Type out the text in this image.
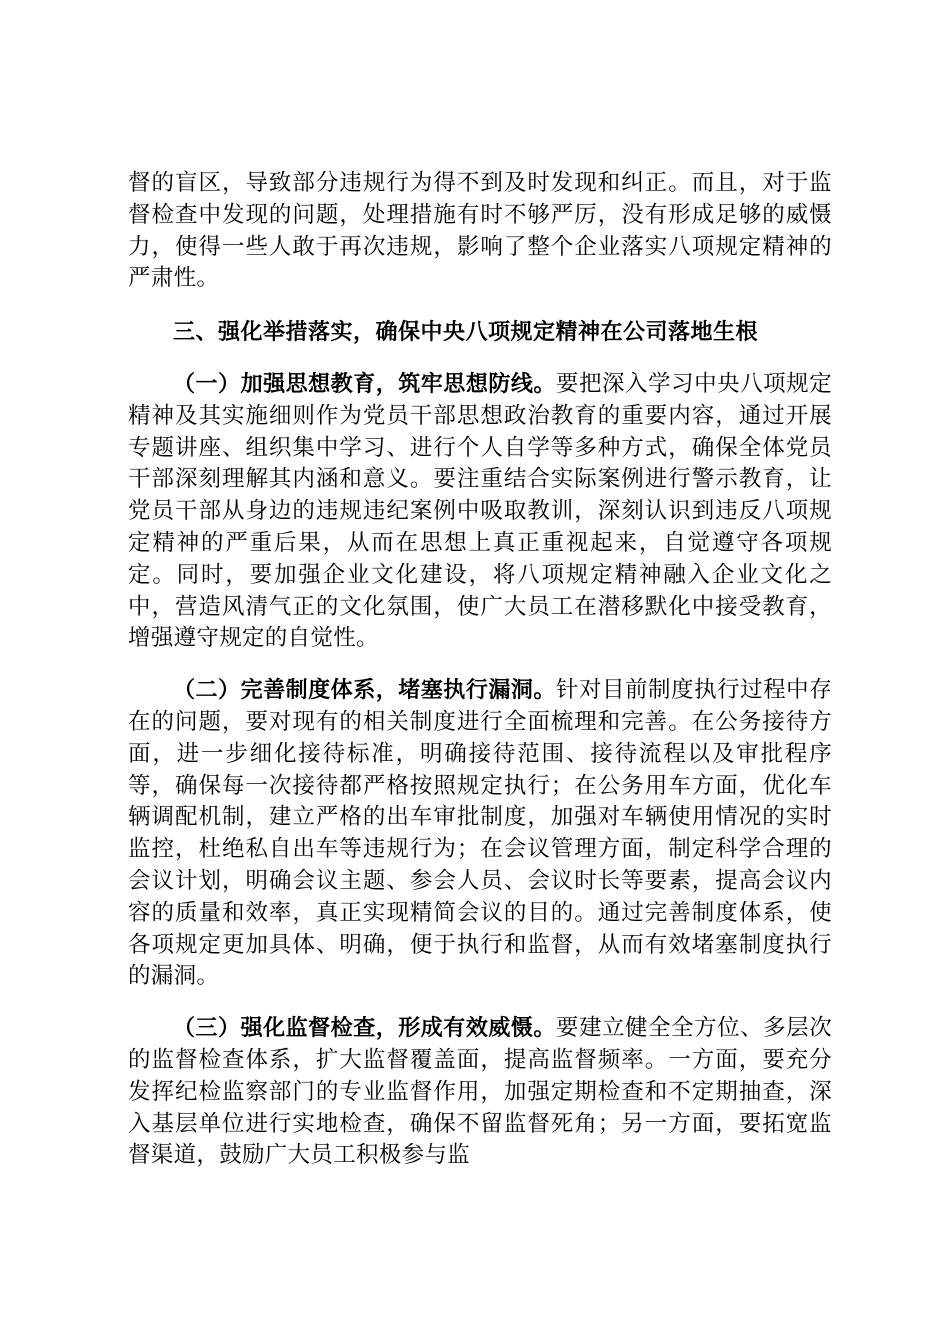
督的盲区，导致部分违规行为得不到及时发现和纠正。而且，对于监督检查中发现的问题，处理措施有时不够严厉，没有形成足够的威慑力，使得一些人敢于再次违规，影响了整个企业落实八项规定精神的严肃性。

三、强化举措落实，确保中央八项规定精神在公司落地生根

（一）加强思想教育，筑牢思想防线。要把深入学习中央八项规定精神及其实施细则作为党员干部思想政治教育的重要内容，通过开展专题讲座、组织集中学习、进行个人自学等多种方式，确保全体党员干部深刻理解其内涵和意义。要注重结合实际案例进行警示教育，让党员干部从身边的违规违纪案例中吸取教训，深刻认识到违反八项规定精神的严重后果，从而在思想上真正重视起来，自觉遵守各项规定。同时，要加强企业文化建设，将八项规定精神融入企业文化之中，营造风清气正的文化氛围，使广大员工在潜移默化中接受教育，增强遵守规定的自觉性。

（二）完善制度体系，堵塞执行漏洞。针对目前制度执行过程中存在的问题，要对现有的相关制度进行全面梳理和完善。在公务接待方面，进一步细化接待标准，明确接待范围、接待流程以及审批程序等，确保每一次接待都严格按照规定执行；在公务用车方面，优化车辆调配机制，建立严格的出车审批制度，加强对车辆使用情况的实时监控，杜绝私自出车等违规行为；在会议管理方面，制定科学合理的会议计划，明确会议主题、参会人员、会议时长等要素，提高会议内容的质量和效率，真正实现精简会议的目的。通过完善制度体系，使各项规定更加具体、明确，便于执行和监督，从而有效堵塞制度执行的漏洞。

（三）强化监督检查，形成有效威慑。要建立健全全方位、多层次的监督检查体系，扩大监督覆盖面，提高监督频率。一方面，要充分发挥纪检监察部门的专业监督作用，加强定期检查和不定期抽查，深入基层单位进行实地检查，确保不留监督死角；另一方面，要拓宽监督渠道，鼓励广大员工积极参与监
